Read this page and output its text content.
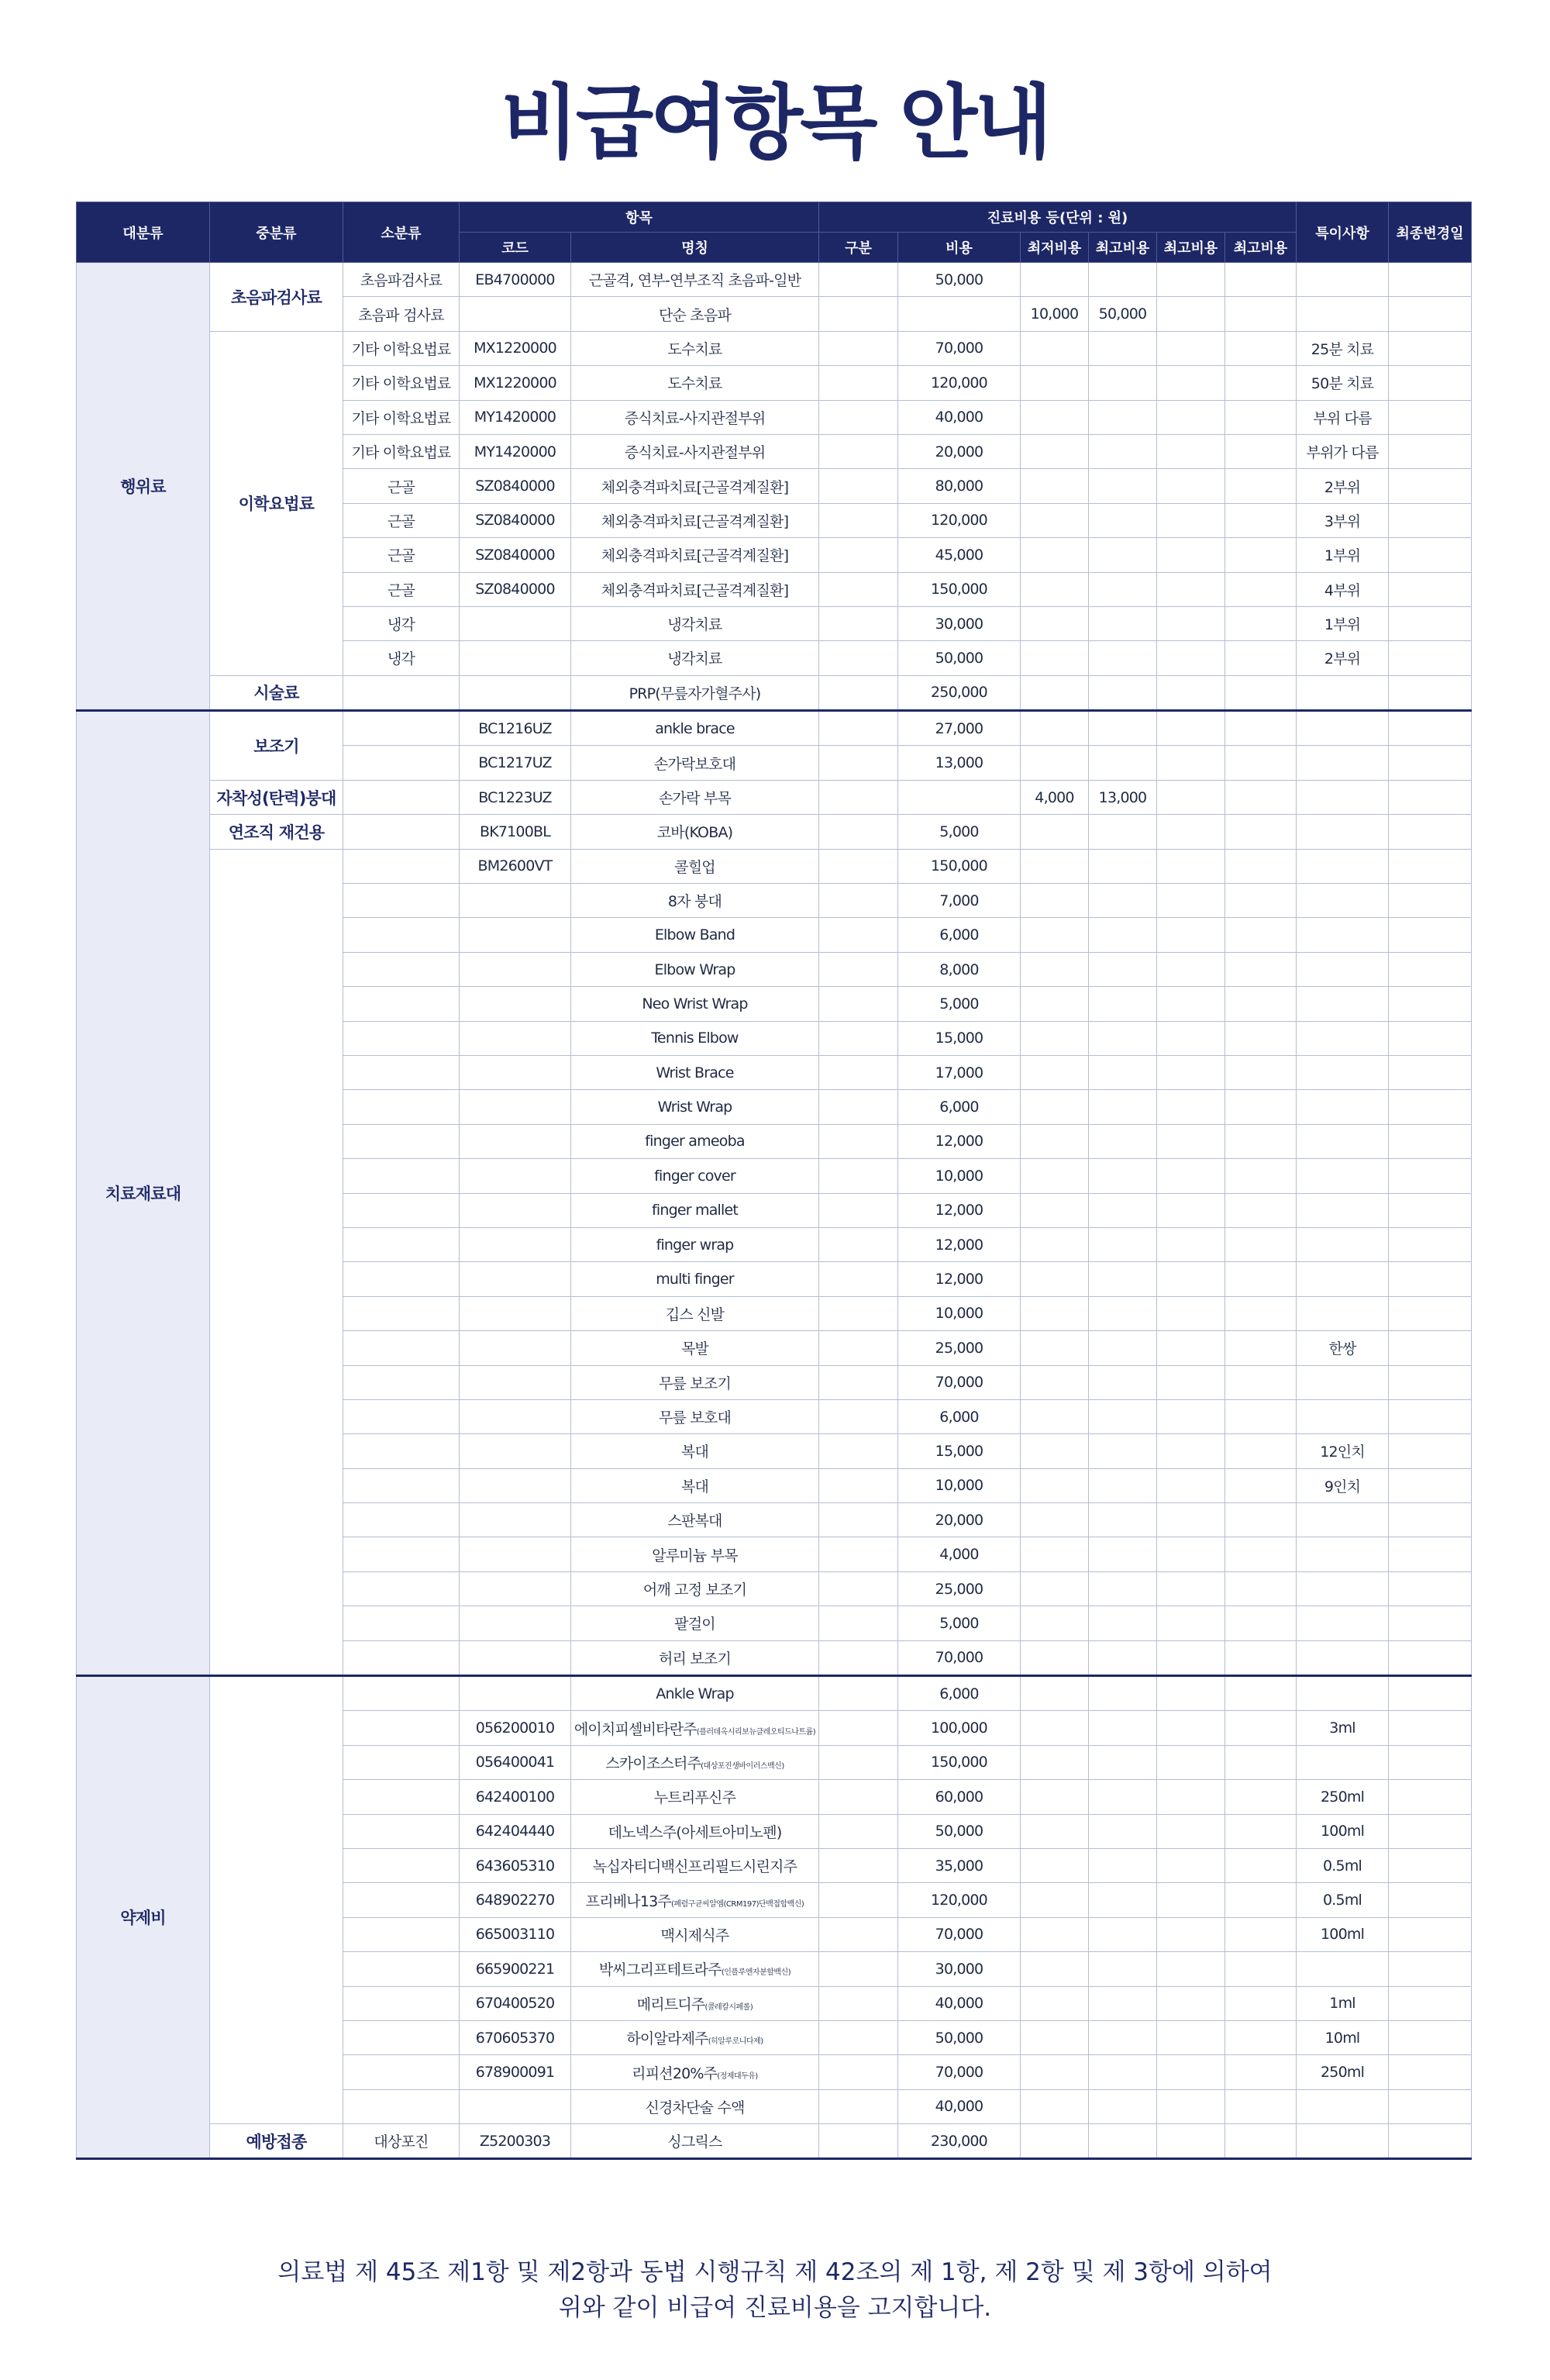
비급여항목 안내
대분류	중분류	소분류	항목		진료비용 등(단위 : 원)						특이사항	최종변경일
			코드	명칭	구분	비용	최저비용	최고비용	최고비용	최고비용		
행위료	초음파검사료	초음파검사료	EB4700000	근골격, 연부-연부조직 초음파-일반		50,000						
		초음파 검사료		단순 초음파			10,000	50,000				
	이학요법료	기타 이학요법료	MX1220000	도수치료		70,000					25분 치료	
		기타 이학요법료	MX1220000	도수치료		120,000					50분 치료	
		기타 이학요법료	MY1420000	증식치료-사지관절부위		40,000					부위 다름	
		기타 이학요법료	MY1420000	증식치료-사지관절부위		20,000					부위가 다름	
		근골	SZ0840000	체외충격파치료[근골격계질환]		80,000					2부위	
		근골	SZ0840000	체외충격파치료[근골격계질환]		120,000					3부위	
		근골	SZ0840000	체외충격파치료[근골격계질환]		45,000					1부위	
		근골	SZ0840000	체외충격파치료[근골격계질환]		150,000					4부위	
		냉각		냉각치료		30,000					1부위	
		냉각		냉각치료		50,000					2부위	
	시술료			PRP(무릎자가혈주사)		250,000						
치료재료대	보조기		BC1216UZ	ankle brace		27,000						
			BC1217UZ	손가락보호대		13,000						
	자착성(탄력)붕대		BC1223UZ	손가락 부목			4,000	13,000				
	연조직 재건용		BK7100BL	코바(KOBA)		5,000						
			BM2600VT	콜힐업		150,000						
				8자 붕대		7,000						
				Elbow Band		6,000						
				Elbow Wrap		8,000						
				Neo Wrist Wrap		5,000						
				Tennis Elbow		15,000						
				Wrist Brace		17,000						
				Wrist Wrap		6,000						
				finger ameoba		12,000						
				finger cover		10,000						
				finger mallet		12,000						
				finger wrap		12,000						
				multi finger		12,000						
				깁스 신발		10,000						
				목발		25,000					한쌍	
				무릎 보조기		70,000						
				무릎 보호대		6,000						
				복대		15,000					12인치	
				복대		10,000					9인치	
				스판복대		20,000						
				알루미늄 부목		4,000						
				어깨 고정 보조기		25,000						
				팔걸이		5,000						
				허리 보조기		70,000						
약제비				Ankle Wrap		6,000						
			056200010	에이치피셀비타란주(플러데옥시리보뉴클레오티드나트륨)		100,000					3ml	
			056400041	스카이조스터주(대상포진생바이러스백신)		150,000						
			642400100	누트리푸신주		60,000					250ml	
			642404440	데노넥스주(아세트아미노펜)		50,000					100ml	
			643605310	녹십자티디백신프리필드시린지주		35,000					0.5ml	
			648902270	프리베나13주(폐렴구균씨알엠(CRM197)단백접합백신)		120,000					0.5ml	
			665003110	맥시제식주		70,000					100ml	
			665900221	박씨그리프테트라주(인플루엔자분할백신)		30,000						
			670400520	메리트디주(콜레칼시페롤)		40,000					1ml	
			670605370	하이알라제주(히알루로니다제)		50,000					10ml	
			678900091	리피션20%주(정제대두유)		70,000					250ml	
				신경차단술 수액		40,000						
	예방접종	대상포진	Z5200303	싱그릭스		230,000						
의료법 제 45조 제1항 및 제2항과 동법 시행규칙 제 42조의 제 1항, 제 2항 및 제 3항에 의하여
위와 같이 비급여 진료비용을 고지합니다.
